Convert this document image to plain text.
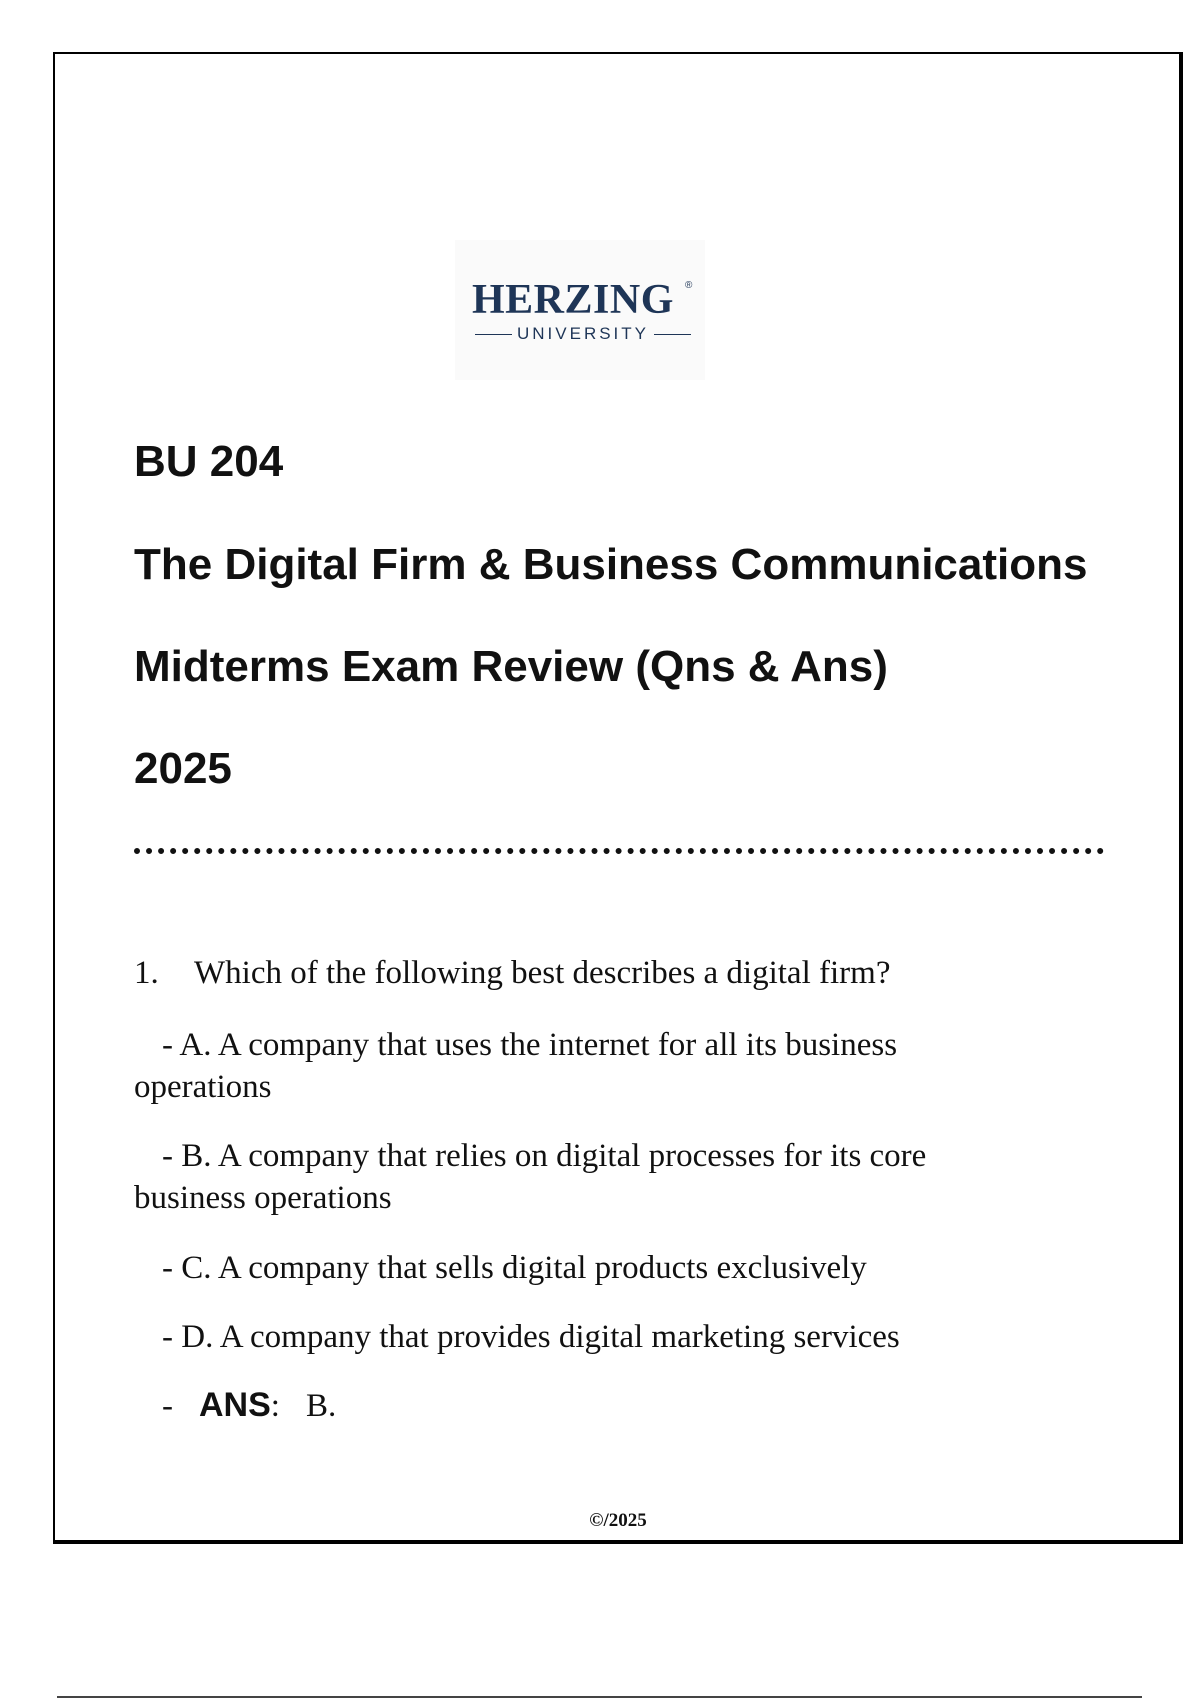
HERZING ®
UNIVERSITY
BU 204
The Digital Firm & Business Communications
Midterms Exam Review (Qns & Ans)
2025
1. Which of the following best describes a digital firm?
- A. A company that uses the internet for all its business operations
- B. A company that relies on digital processes for its core business operations
- C. A company that sells digital products exclusively
- D. A company that provides digital marketing services
- ANS: B.
©/2025
